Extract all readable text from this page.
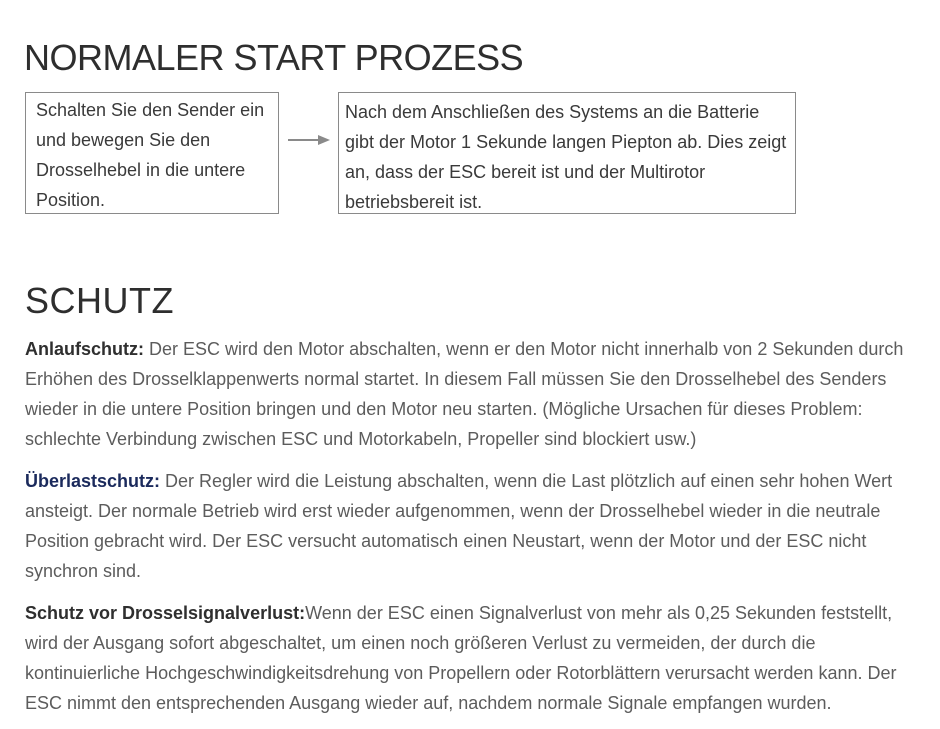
NORMALER START PROZESS
Schalten Sie den Sender ein und bewegen Sie den Drosselhebel in die untere Position.
Nach dem Anschließen des Systems an die Batterie gibt der Motor 1 Sekunde langen Piepton ab. Dies zeigt an, dass der ESC bereit ist und der Multirotor betriebsbereit ist.
SCHUTZ

Anlaufschutz: Der ESC wird den Motor abschalten, wenn er den Motor nicht innerhalb von 2 Sekunden durch Erhöhen des Drosselklappenwerts normal startet. In diesem Fall müssen Sie den Drosselhebel des Senders wieder in die untere Position bringen und den Motor neu starten. (Mögliche Ursachen für dieses Problem: schlechte Verbindung zwischen ESC und Motorkabeln, Propeller sind blockiert usw.)

Überlastschutz: Der Regler wird die Leistung abschalten, wenn die Last plötzlich auf einen sehr hohen Wert ansteigt. Der normale Betrieb wird erst wieder aufgenommen, wenn der Drosselhebel wieder in die neutrale Position gebracht wird. Der ESC versucht automatisch einen Neustart, wenn der Motor und der ESC nicht synchron sind.

Schutz vor Drosselsignalverlust:Wenn der ESC einen Signalverlust von mehr als 0,25 Sekunden feststellt, wird der Ausgang sofort abgeschaltet, um einen noch größeren Verlust zu vermeiden, der durch die kontinuierliche Hochgeschwindigkeitsdrehung von Propellern oder Rotorblättern verursacht werden kann. Der ESC nimmt den entsprechenden Ausgang wieder auf, nachdem normale Signale empfangen wurden.
